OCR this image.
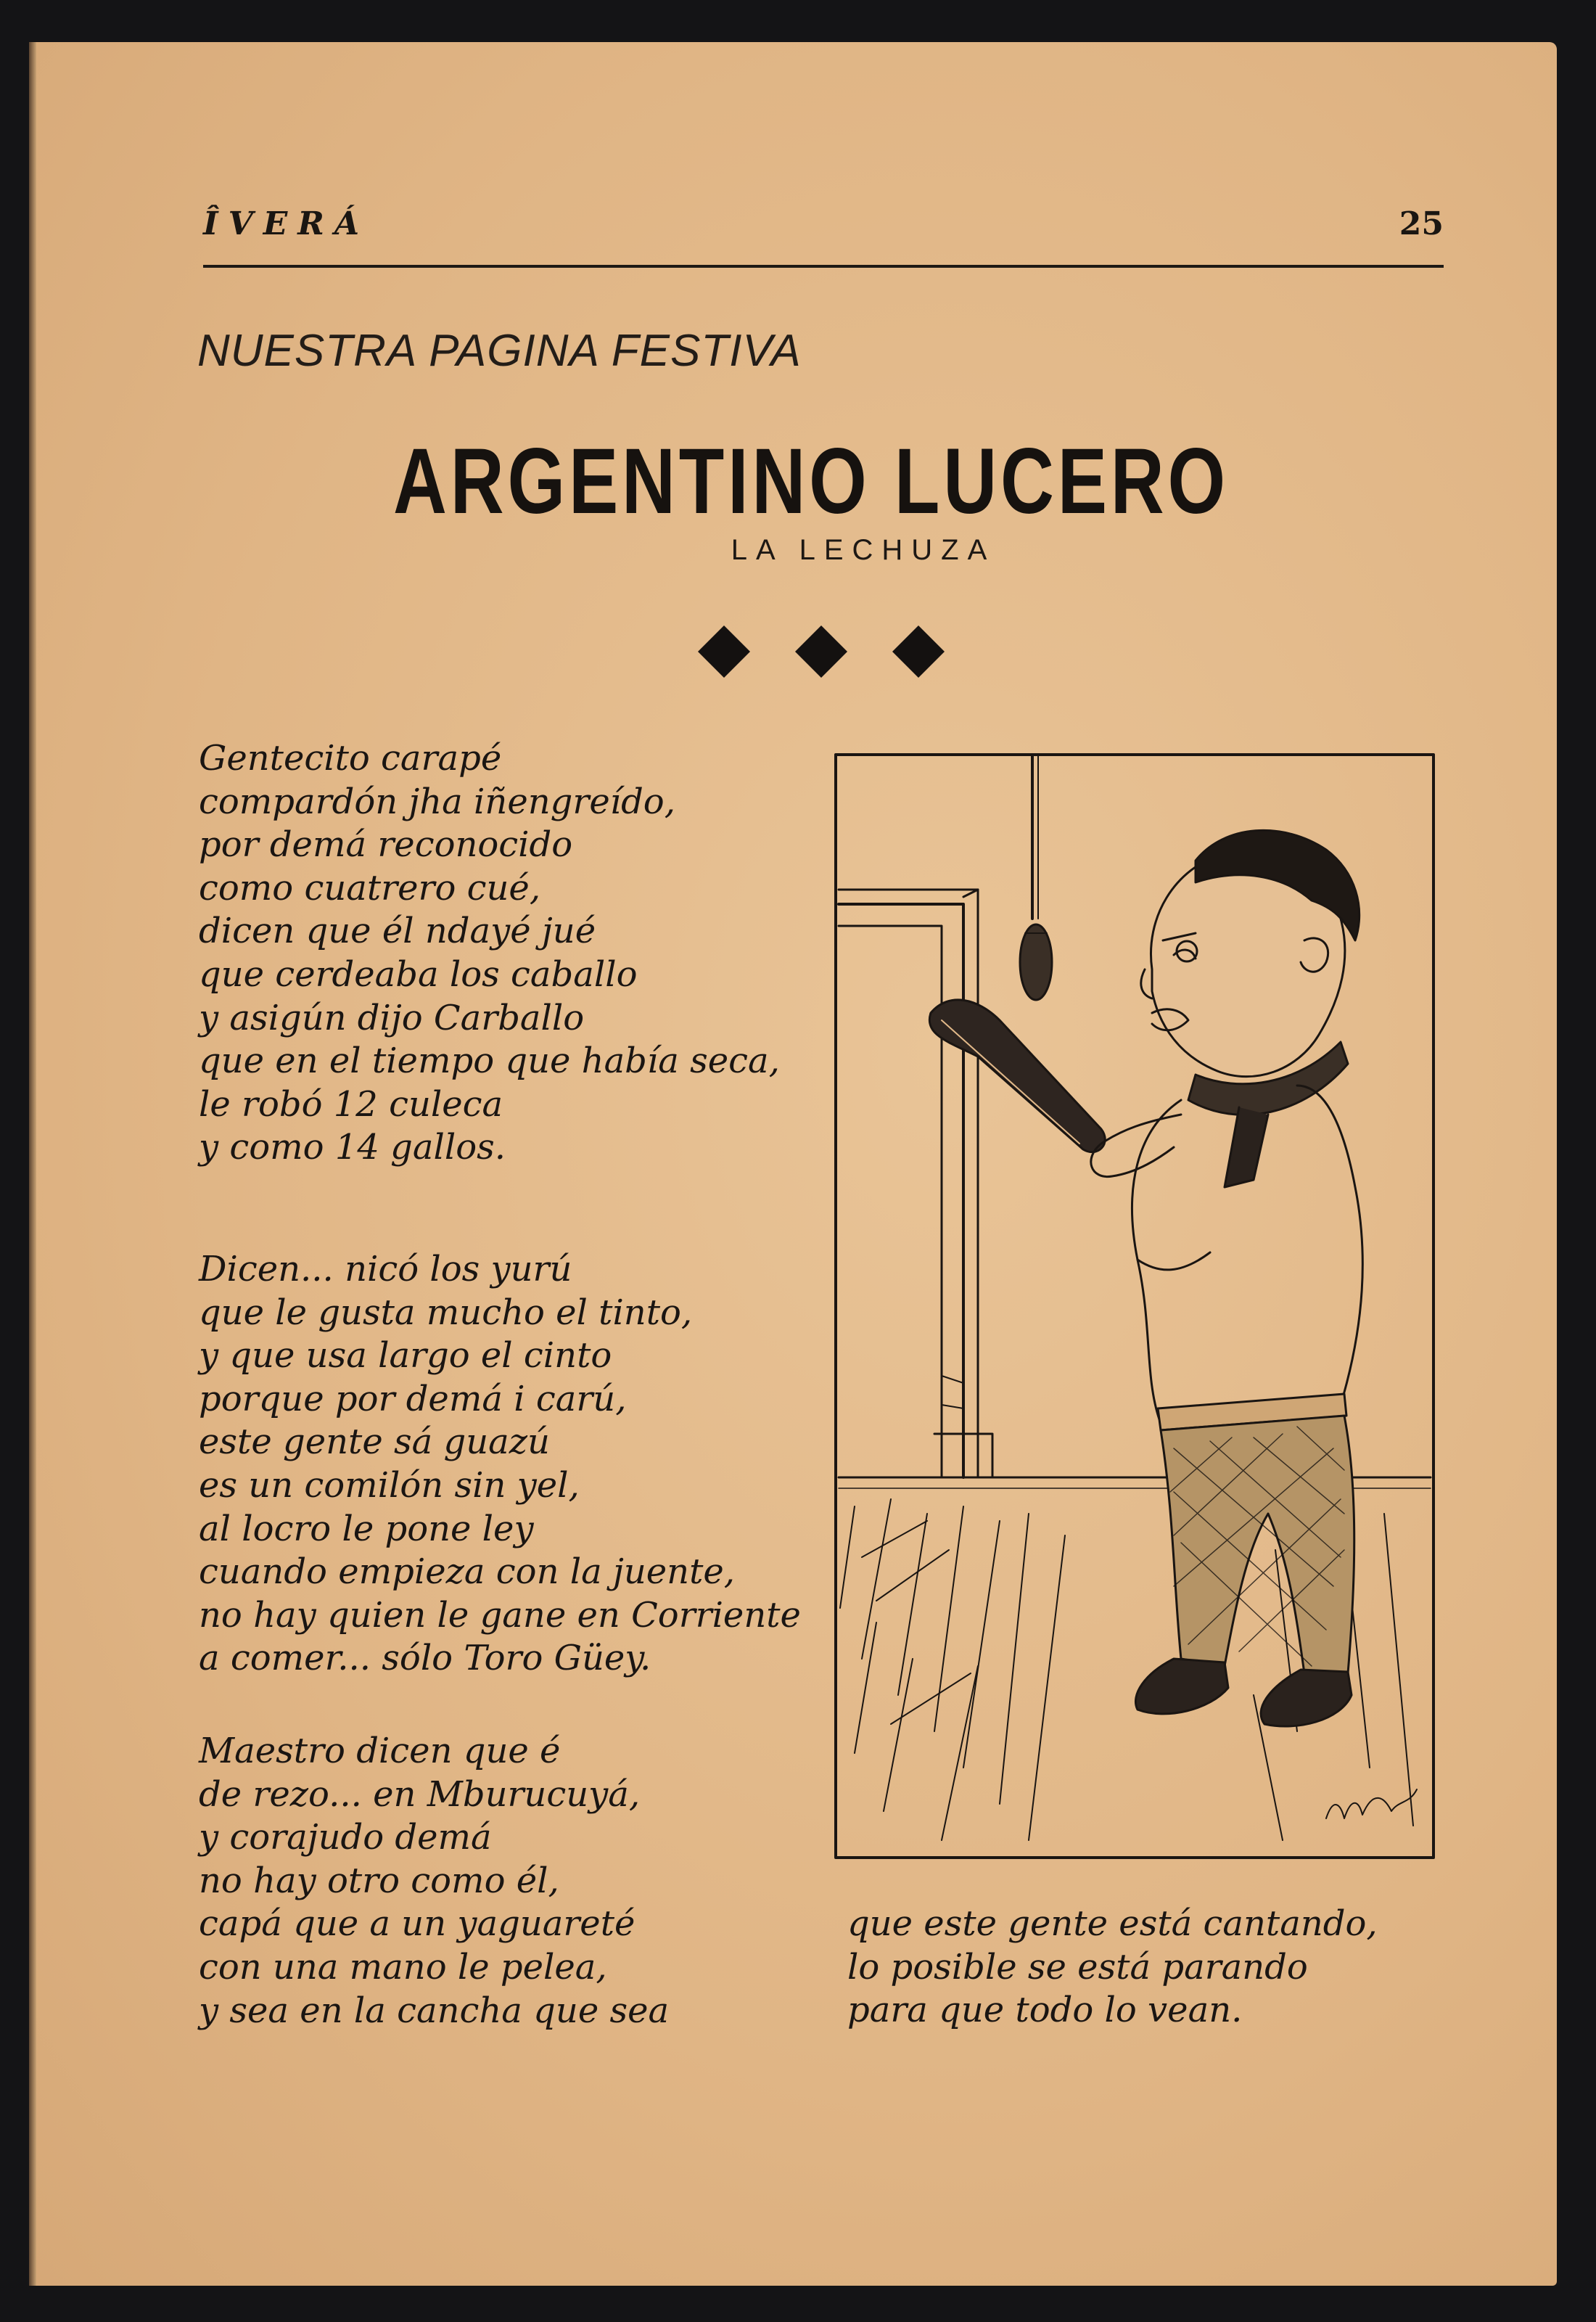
ÎVERÁ	25
NUESTRA PAGINA FESTIVA
ARGENTINO LUCERO
LA LECHUZA
Gentecito carapé
compardón jha iñengreído,
por demá reconocido
como cuatrero cué,
dicen que él ndayé jué
que cerdeaba los caballo
y asigún dijo Carballo
que en el tiempo que había seca,
le robó 12 culeca
y como 14 gallos.
Dicen... nicó los yurú
que le gusta mucho el tinto,
y que usa largo el cinto
porque por demá i carú,
este gente sá guazú
es un comilón sin yel,
al locro le pone ley
cuando empieza con la juente,
no hay quien le gane en Corriente
a comer... sólo Toro Güey.
Maestro dicen que é
de rezo... en Mburucuyá,
y corajudo demá
no hay otro como él,
capá que a un yaguareté
con una mano le pelea,
y sea en la cancha que sea
que este gente está cantando,
lo posible se está parando
para que todo lo vean.
